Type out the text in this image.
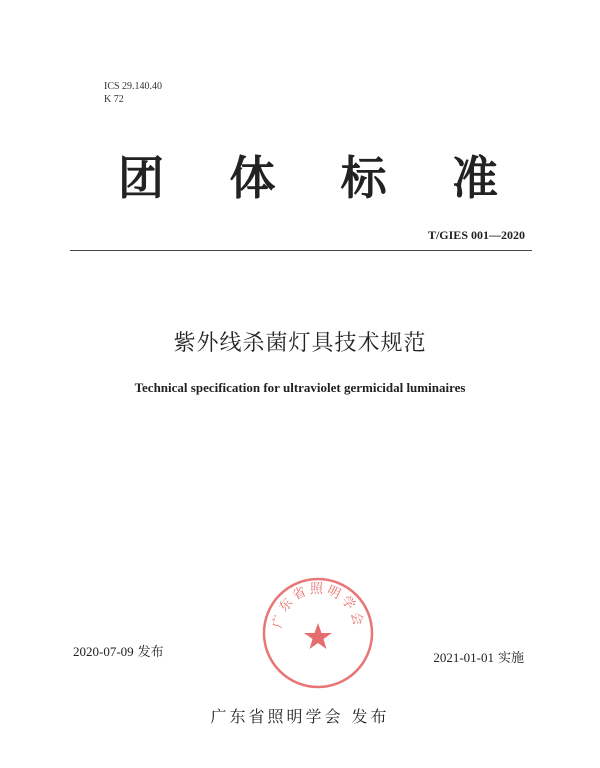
ICS 29.140.40
K 72
团 体 标 准
T/GIES 001—2020
紫外线杀菌灯具技术规范
Technical specification for ultraviolet germicidal luminaires
广东省照明学会
2020-07-09 发布	2021-01-01 实施
广东省照明学会 发布
